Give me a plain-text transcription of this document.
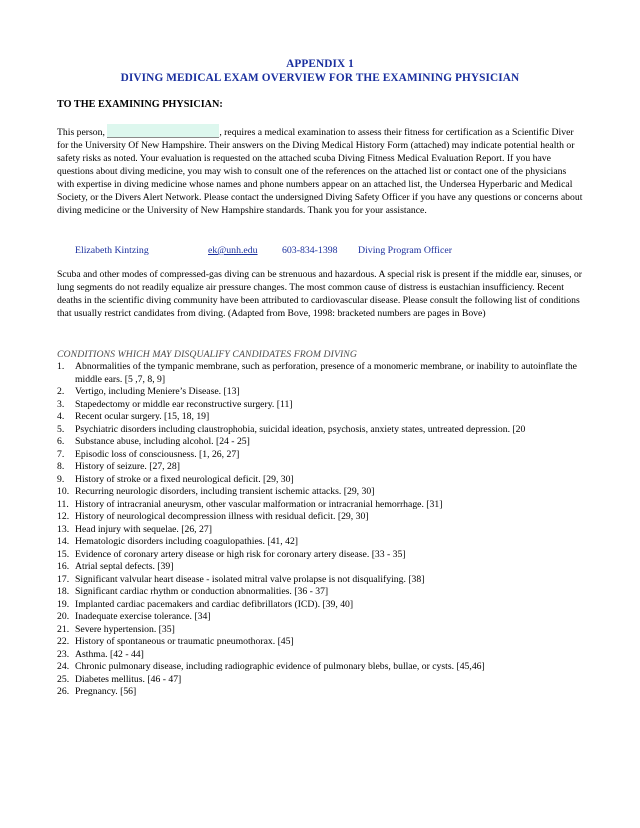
APPENDIX 1
DIVING MEDICAL EXAM OVERVIEW FOR THE EXAMINING PHYSICIAN
TO THE EXAMINING PHYSICIAN:
This person,	, requires a medical examination to assess their fitness for certification as a Scientific Diver for the University Of New Hampshire. Their answers on the Diving Medical History Form (attached) may indicate potential health or safety risks as noted. Your evaluation is requested on the attached scuba Diving Fitness Medical Evaluation Report. If you have questions about diving medicine, you may wish to consult one of the references on the attached list or contact one of the physicians with expertise in diving medicine whose names and phone numbers appear on an attached list, the Undersea Hyperbaric and Medical Society, or the Divers Alert Network. Please contact the undersigned Diving Safety Officer if you have any questions or concerns about diving medicine or the University of New Hampshire standards. Thank you for your assistance.
Elizabeth Kintzing	ek@unh.edu 603-834-1398 Diving Program Officer
Scuba and other modes of compressed-gas diving can be strenuous and hazardous. A special risk is present if the middle ear, sinuses, or lung segments do not readily equalize air pressure changes. The most common cause of distress is eustachian insufficiency. Recent deaths in the scientific diving community have been attributed to cardiovascular disease. Please consult the following list of conditions that usually restrict candidates from diving. (Adapted from Bove, 1998: bracketed numbers are pages in Bove)
CONDITIONS WHICH MAY DISQUALIFY CANDIDATES FROM DIVING
1.	Abnormalities of the tympanic membrane, such as perforation, presence of a monomeric membrane, or inability to autoinflate the middle ears. [5 ,7, 8, 9]
2.	Vertigo, including Meniere’s Disease. [13]
3.	Stapedectomy or middle ear reconstructive surgery. [11]
4.	Recent ocular surgery. [15, 18, 19]
5.	Psychiatric disorders including claustrophobia, suicidal ideation, psychosis, anxiety states, untreated depression. [20
6.	Substance abuse, including alcohol. [24 - 25]
7.	Episodic loss of consciousness. [1, 26, 27]
8.	History of seizure. [27, 28]
9.	History of stroke or a fixed neurological deficit. [29, 30]
10. Recurring neurologic disorders, including transient ischemic attacks. [29, 30]
11. History of intracranial aneurysm, other vascular malformation or intracranial hemorrhage. [31]
12. History of neurological decompression illness with residual deficit. [29, 30]
13. Head injury with sequelae. [26, 27]
14. Hematologic disorders including coagulopathies. [41, 42]
15. Evidence of coronary artery disease or high risk for coronary artery disease. [33 - 35]
16. Atrial septal defects. [39]
17. Significant valvular heart disease - isolated mitral valve prolapse is not disqualifying. [38]
18. Significant cardiac rhythm or conduction abnormalities. [36 - 37]
19. Implanted cardiac pacemakers and cardiac defibrillators (ICD). [39, 40]
20. Inadequate exercise tolerance. [34]
21. Severe hypertension. [35]
22. History of spontaneous or traumatic pneumothorax. [45]
23. Asthma. [42 - 44]
24. Chronic pulmonary disease, including radiographic evidence of pulmonary blebs, bullae, or cysts. [45,46]
25. Diabetes mellitus. [46 - 47]
26. Pregnancy. [56]
